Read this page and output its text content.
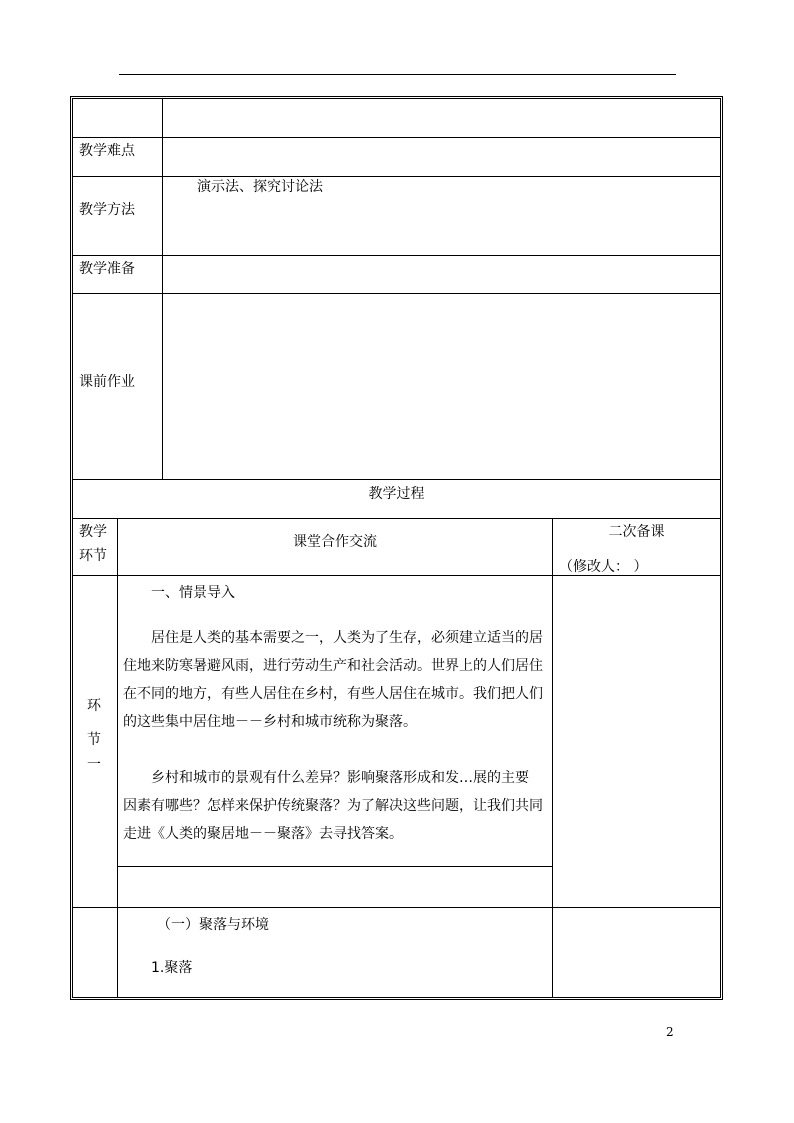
教学难点
教学方法
演示法、探究讨论法
教学准备
课前作业
教学过程
教学
环节
课堂合作交流
二次备课
（修改人： ）
环
节
一
一、情景导入
居住是人类的基本需要之一，人类为了生存，必须建立适当的居
住地来防寒暑避风雨，进行劳动生产和社会活动。世界上的人们居住
在不同的地方，有些人居住在乡村，有些人居住在城市。我们把人们
的这些集中居住地－－乡村和城市统称为聚落。
乡村和城市的景观有什么差异？影响聚落形成和发…展的主要
因素有哪些？怎样来保护传统聚落？为了解决这些问题，让我们共同
走进《人类的聚居地－－聚落》去寻找答案。
（一）聚落与环境
1.聚落
2
